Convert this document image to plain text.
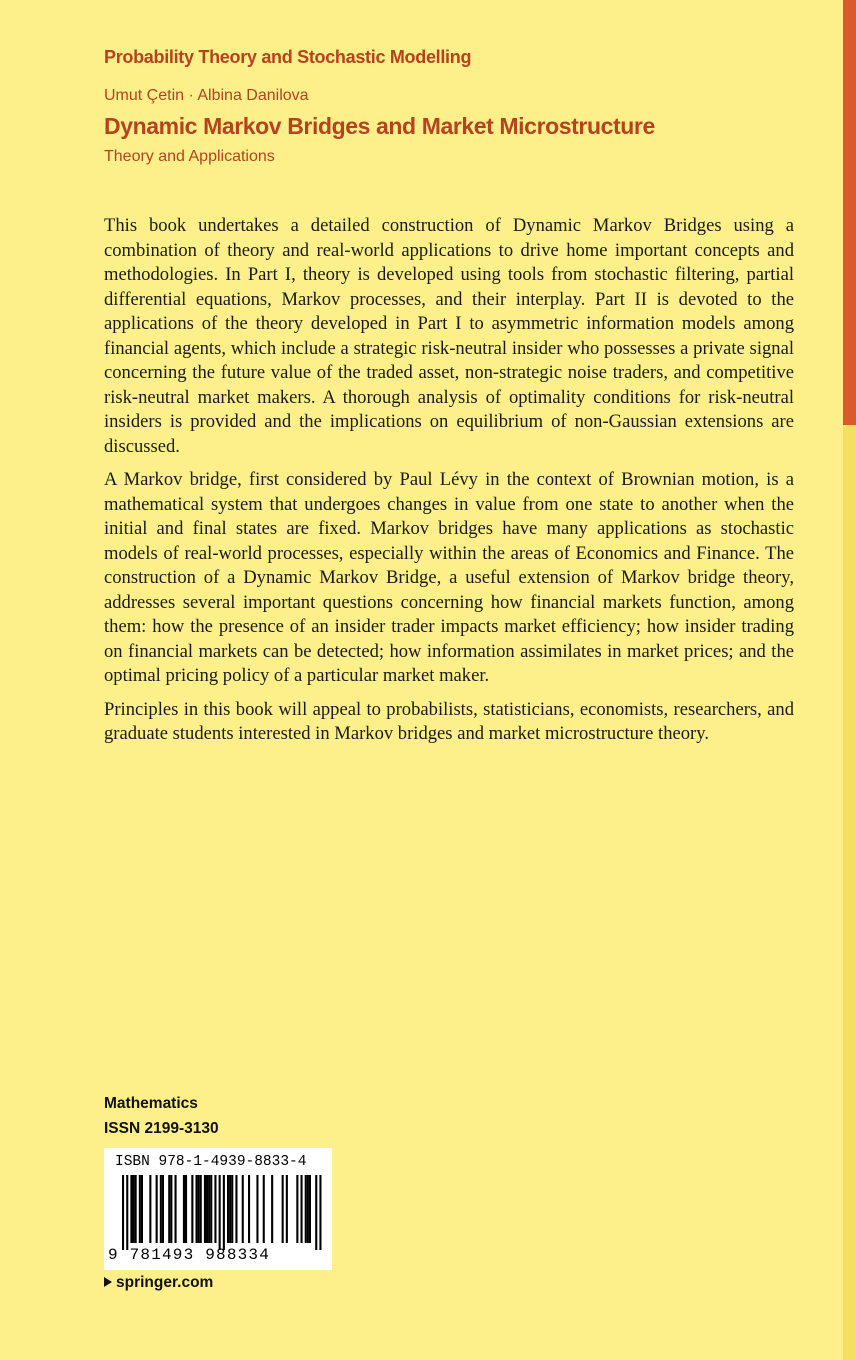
Probability Theory and Stochastic Modelling
Umut Çetin · Albina Danilova
Dynamic Markov Bridges and Market Microstructure
Theory and Applications

This book undertakes a detailed construction of Dynamic Markov Bridges using a combination of theory and real-world applications to drive home important concepts and methodologies. In Part I, theory is developed using tools from stochastic filtering, partial differential equations, Markov processes, and their interplay. Part II is devoted to the applications of the theory developed in Part I to asymmetric information models among financial agents, which include a strategic risk-neutral insider who possesses a private signal concerning the future value of the traded asset, non-strategic noise traders, and competitive risk-neutral market makers. A thorough analysis of optimality conditions for risk-neutral insiders is provided and the implications on equilibrium of non-Gaussian extensions are discussed.

A Markov bridge, first considered by Paul Lévy in the context of Brownian motion, is a mathematical system that undergoes changes in value from one state to another when the initial and final states are fixed. Markov bridges have many applications as stochastic models of real-world processes, especially within the areas of Economics and Finance. The construction of a Dynamic Markov Bridge, a useful extension of Markov bridge theory, addresses several important questions concerning how financial markets function, among them: how the presence of an insider trader impacts market efficiency; how insider trading on financial markets can be detected; how information assimilates in market prices; and the optimal pricing policy of a particular market maker.

Principles in this book will appeal to probabilists, statisticians, economists, researchers, and graduate students interested in Markov bridges and market microstructure theory.

Mathematics
ISSN 2199-3130
ISBN 978-1-4939-8833-4
9 781493 988334
springer.com
